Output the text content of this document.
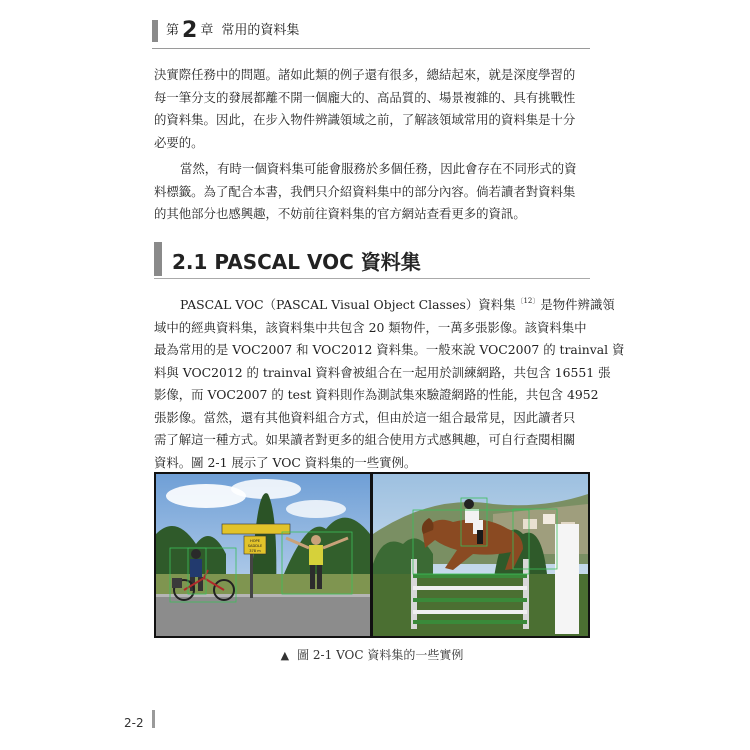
第 2 章 常用的資料集
決實際任務中的問題。諸如此類的例子還有很多，總結起來，就是深度學習的
每一筆分支的發展都離不開一個龐大的、高品質的、場景複雜的、具有挑戰性
的資料集。因此，在步入物件辨識領域之前，了解該領域常用的資料集是十分
必要的。
當然，有時一個資料集可能會服務於多個任務，因此會存在不同形式的資
料標籤。為了配合本書，我們只介紹資料集中的部分內容。倘若讀者對資料集
的其他部分也感興趣，不妨前往資料集的官方網站查看更多的資訊。
2.1 PASCAL VOC 資料集
PASCAL VOC（PASCAL Visual Object Classes）資料集$^{〔12〕}$是物件辨識領
域中的經典資料集，該資料集中共包含 20 類物件，一萬多張影像。該資料集中
最為常用的是 VOC2007 和 VOC2012 資料集。一般來說 VOC2007 的 trainval 資
料與 VOC2012 的 trainval 資料會被組合在一起用於訓練網路，共包含 16551 張
影像，而 VOC2007 的 test 資料則作為測試集來驗證網路的性能，共包含 4952
張影像。當然，還有其他資料組合方式，但由於這一組合最常見，因此讀者只
需了解這一種方式。如果讀者對更多的組合使用方式感興趣，可自行查閱相關
資料。圖 2-1 展示了 VOC 資料集的一些實例。
HOPE
SADDLE
378 m
▲ 圖 2-1 VOC 資料集的一些實例
2-2
